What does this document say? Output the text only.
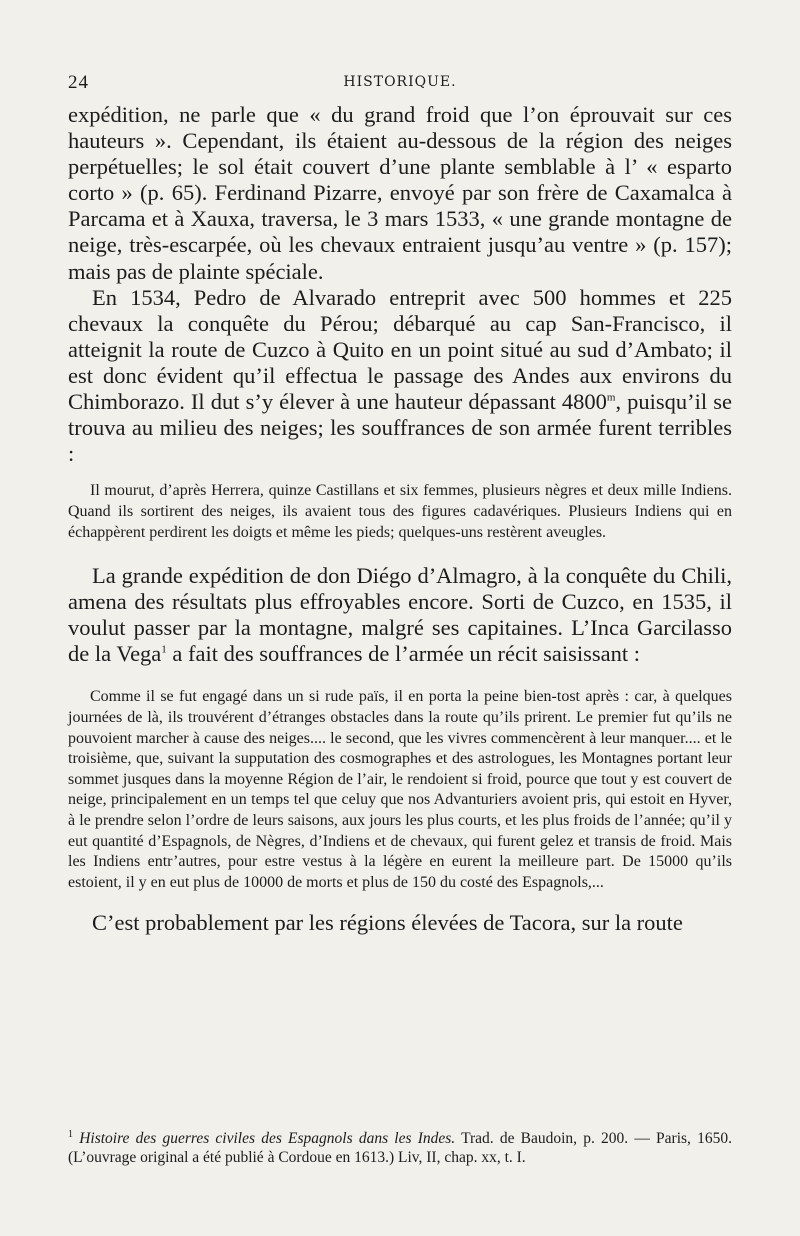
24	HISTORIQUE.

expédition, ne parle que « du grand froid que l’on éprouvait sur ces hauteurs ». Cependant, ils étaient au-dessous de la région des neiges perpétuelles; le sol était couvert d’une plante semblable à l’ « esparto corto » (p. 65). Ferdinand Pizarre, envoyé par son frère de Caxamalca à Parcama et à Xauxa, traversa, le 3 mars 1533, « une grande montagne de neige, très-escarpée, où les chevaux entraient jusqu’au ventre » (p. 157); mais pas de plainte spéciale.

En 1534, Pedro de Alvarado entreprit avec 500 hommes et 225 chevaux la conquête du Pérou; débarqué au cap San-Francisco, il atteignit la route de Cuzco à Quito en un point situé au sud d’Ambato; il est donc évident qu’il effectua le passage des Andes aux environs du Chimborazo. Il dut s’y élever à une hauteur dépassant 4800$^m$, puisqu’il se trouva au milieu des neiges; les souffrances de son armée furent terribles :

Il mourut, d’après Herrera, quinze Castillans et six femmes, plusieurs nègres et deux mille Indiens. Quand ils sortirent des neiges, ils avaient tous des figures cadavériques. Plusieurs Indiens qui en échappèrent perdirent les doigts et même les pieds; quelques-uns restèrent aveugles.

La grande expédition de don Diégo d’Almagro, à la conquête du Chili, amena des résultats plus effroyables encore. Sorti de Cuzco, en 1535, il voulut passer par la montagne, malgré ses capitaines. L’Inca Garcilasso de la Vega$^1$ a fait des souffrances de l’armée un récit saisissant :

Comme il se fut engagé dans un si rude païs, il en porta la peine bien-tost après : car, à quelques journées de là, ils trouvérent d’étranges obstacles dans la route qu’ils prirent. Le premier fut qu’ils ne pouvoient marcher à cause des neiges.... le second, que les vivres commencèrent à leur manquer.... et le troisième, que, suivant la supputation des cosmographes et des astrologues, les Montagnes portant leur sommet jusques dans la moyenne Région de l’air, le rendoient si froid, pource que tout y est couvert de neige, principalement en un temps tel que celuy que nos Advanturiers avoient pris, qui estoit en Hyver, à le prendre selon l’ordre de leurs saisons, aux jours les plus courts, et les plus froids de l’année; qu’il y eut quantité d’Espagnols, de Nègres, d’Indiens et de chevaux, qui furent gelez et transis de froid. Mais les Indiens entr’autres, pour estre vestus à la légère en eurent la meilleure part. De 15000 qu’ils estoient, il y en eut plus de 10000 de morts et plus de 150 du costé des Espagnols,...

C’est probablement par les régions élevées de Tacora, sur la route

$^1$ Histoire des guerres civiles des Espagnols dans les Indes. Trad. de Baudoin, p. 200. — Paris, 1650. (L’ouvrage original a été publié à Cordoue en 1613.) Liv, II, chap. xx, t. I.
